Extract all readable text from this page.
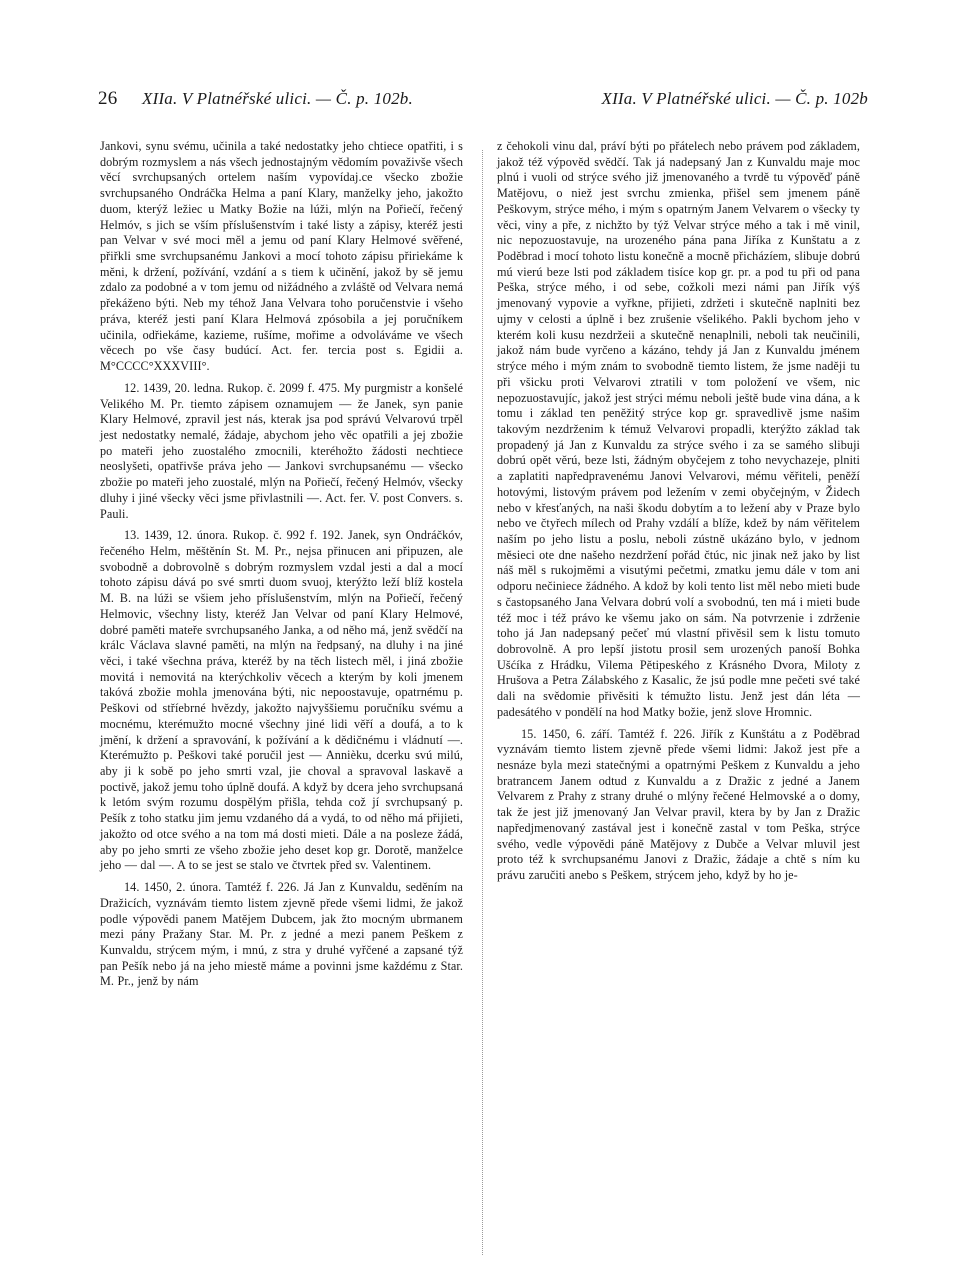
26 XIIa. V Platnéřské ulici. — Č. p. 102b.	XIIa. V Platnéřské ulici. — Č. p. 102b

Jankovi, synu svému, učinila a také nedostatky jeho chtiece opatřiti, i s dobrým rozmyslem a nás všech jednostajným vědomím považivše všech věcí svrchupsaných ortelem naším vypovídaj.ce všecko zbožie svrchupsaného Ondráčka Helma a paní Klary, manželky jeho, jakožto duom, kterýž ležiec u Matky Božie na lúži, mlýn na Pořiečí, řečený Helmóv, s jich se vším příslušenstvím i také listy a zápisy, kteréž jesti pan Velvar v své moci měl a jemu od paní Klary Helmové svěřené, přiřkli sme svrchupsanému Jankovi a mocí tohoto zápisu přiriekáme k měni, k držení, požívání, vzdání a s tiem k učinění, jakož by sě jemu zdalo za podobné a v tom jemu od nižádného a zvláště od Velvara nemá překáženo býti. Neb my téhož Jana Velvara toho poručenstvie i všeho práva, kteréž jesti paní Klara Helmová zpósobila a jej poručníkem učinila, odřiekáme, kazieme, rušíme, mořime a odvoláváme ve všech věcech po vše časy budúcí. Act. fer. tercia post s. Egidii a. M°CCCC°XXXVIII°.

12. 1439, 20. ledna. Rukop. č. 2099 f. 475. My purgmistr a konšelé Velikého M. Pr. tiemto zápisem oznamujem — že Janek, syn panie Klary Helmové, zpravil jest nás, kterak jsa pod správú Velvarovú trpěl jest nedostatky nemalé, žádaje, abychom jeho věc opatřili a jej zbožie po mateři jeho zuostalého zmocnili, kteréhožto žádosti nechtiece neoslyšeti, opatřivše práva jeho — Jankovi svrchupsanému — všecko zbožie po mateři jeho zuostalé, mlýn na Pořiečí, řečený Helmóv, všecky dluhy i jiné všecky věci jsme přivlastnili —. Act. fer. V. post Convers. s. Pauli.

13. 1439, 12. února. Rukop. č. 992 f. 192. Janek, syn Ondráčkóv, řečeného Helm, měštěnín St. M. Pr., nejsa přinucen ani připuzen, ale svobodně a dobrovolně s dobrým rozmyslem vzdal jesti a dal a mocí tohoto zápisu dává po své smrti duom svuoj, kterýžto leží blíž kostela M. B. na lúži se všiem jeho příslušenstvím, mlýn na Pořiečí, řečený Helmovic, všechny listy, kteréž Jan Velvar od paní Klary Helmové, dobré paměti mateře svrchupsaného Janka, a od něho má, jenž svědčí na králc Václava slavné paměti, na mlýn na ředpsaný, na dluhy i na jiné věci, i také všechna práva, kteréž by na těch listech měl, i jiná zbožie movitá i nemovitá na kterýchkoliv věcech a kterým by koli jmenem takóvá zbožie mohla jmenována býti, nic nepoostavuje, opatrnému p. Peškovi od stříebrné hvězdy, jakožto najvyššiemu poručníku svému a mocnému, kterémužto mocné všechny jiné lidi věří a doufá, a to k jmění, k držení a spravování, k požívání a k dědičnému i vládnutí —. Kterémužto p. Peškovi také poručil jest — Annièku, dcerku svú milú, aby ji k sobě po jeho smrti vzal, jie choval a spravoval laskavě a poctivě, jakož jemu toho úplně doufá. A když by dcera jeho svrchupsaná k letóm svým rozumu dospělým přišla, tehda což jí svrchupsaný p. Pešík z toho statku jim jemu vzdaného dá a vydá, to od něho má přijieti, jakožto od otce svého a na tom má dosti mieti. Dále a na posleze žádá, aby po jeho smrti ze všeho zbožie jeho deset kop gr. Dorotě, manželce jeho — dal —. A to se jest se stalo ve čtvrtek před sv. Valentinem.

14. 1450, 2. února. Tamtéž f. 226. Já Jan z Kunvaldu, seděním na Dražicích, vyznávám tiemto listem zjevně přede všemi lidmi, že jakož podle výpovědi panem Matějem Dubcem, jak žto mocným ubrmanem mezi pány Pražany Star. M. Pr. z jedné a mezi panem Peškem z Kunvaldu, strýcem mým, i mnú, z stra y druhé vyřčené a zapsané týž pan Pešík nebo já na jeho miestě máme a povinni jsme každému z Star. M. Pr., jenž by nám

z čehokoli vinu dal, práví býti po přátelech nebo právem pod základem, jakož též výpověd svědčí. Tak já nadepsaný Jan z Kunvaldu maje moc plnú i vuoli od strýce svého již jmenovaného a tvrdě tu výpověď páně Matějovu, o niež jest svrchu zmienka, přišel sem jmenem páně Peškovym, strýce mého, i mým s opatrným Janem Velvarem o všecky ty věci, viny a pře, z nichžto by týž Velvar strýce mého a tak i mě vinil, nic nepozuostavuje, na urozeného pána pana Jiříka z Kunštatu a z Poděbrad i mocí tohoto listu konečně a mocně přicházíem, slibuje dobrú mú vierú beze lsti pod základem tisíce kop gr. pr. a pod tu při od pana Peška, strýce mého, i od sebe, cožkoli mezi námi pan Jiřík výš jmenovaný vypovie a vyřkne, přijieti, zdržeti i skutečně naplniti bez ujmy v celosti a úplně i bez zrušenie všelikého. Pakli bychom jeho v kterém koli kusu nezdržeii a skutečně nenaplnili, neboli tak neučinili, jakož nám bude vyrčeno a kázáno, tehdy já Jan z Kunvaldu jménem strýce mého i mým znám to svobodně tiemto listem, že jsme naději tu při všicku proti Velvarovi ztratili v tom položení ve všem, nic nepozuostavujíc, jakož jest strýci mému neboli ještě bude vina dána, a k tomu i základ ten peněžitý strýce kop gr. spravedlivě jsme našim takovým nezdrženim k témuž Velvarovi propadli, kterýžto základ tak propadený já Jan z Kunvaldu za strýce svého i za se samého slibuji dobrú opět věrú, beze lsti, žádným obyčejem z toho nevychazeje, plniti a zaplatiti napředpravenému Janovi Velvarovi, mému věřiteli, peněží hotovými, listovým právem pod ležením v zemi obyčejným, v Židech nebo v křesťaných, na naši škodu dobytím a to ležení aby v Praze bylo nebo ve čtyřech mílech od Prahy vzdálí a blíže, kdež by nám věřitelem naším po jeho listu a poslu, neboli zústně ukázáno bylo, v jednom měsieci ote dne našeho nezdržení pořád čtúc, nic jinak než jako by list náš měl s rukojměmi a visutými pečetmi, zmatku jemu dále v tom ani odporu nečiniece žádného. A kdož by koli tento list měl nebo mieti bude s častopsaného Jana Velvara dobrú volí a svobodnú, ten má i mieti bude též moc i též právo ke všemu jako on sám. Na potvrzenie i zdrženie toho já Jan nadepsaný pečeť mú vlastní přivěsil sem k listu tomuto dobrovolně. A pro lepší jistotu prosil sem urozených panoší Bohka Ušćíka z Hrádku, Vilema Pětipeského z Krásného Dvora, Miloty z Hrušova a Petra Zálabského z Kasalic, že jsú podle mne pečeti své také dali na svědomie přivěsiti k témužto listu. Jenž jest dán léta — padesátého v pondělí na hod Matky božie, jenž slove Hromnic.

15. 1450, 6. září. Tamtéž f. 226. Jiřík z Kunštátu a z Poděbrad vyznávám tiemto listem zjevně přede všemi lidmi: Jakož jest pře a nesnáze byla mezi statečnými a opatrnými Peškem z Kunvaldu a jeho bratrancem Janem odtud z Kunvaldu a z Dražic z jedné a Janem Velvarem z Prahy z strany druhé o mlýny řečené Helmovské a o domy, tak že jest již jmenovaný Jan Velvar pravil, ktera by by Jan z Dražic napředjmenovaný zastával jest i konečně zastal v tom Peška, strýce svého, vedle výpovědi páně Matějovy z Dubče a Velvar mluvil jest proto též k svrchupsanému Janovi z Dražic, žádaje a chtě s ním ku právu zaručiti anebo s Peškem, strýcem jeho, když by ho je-
